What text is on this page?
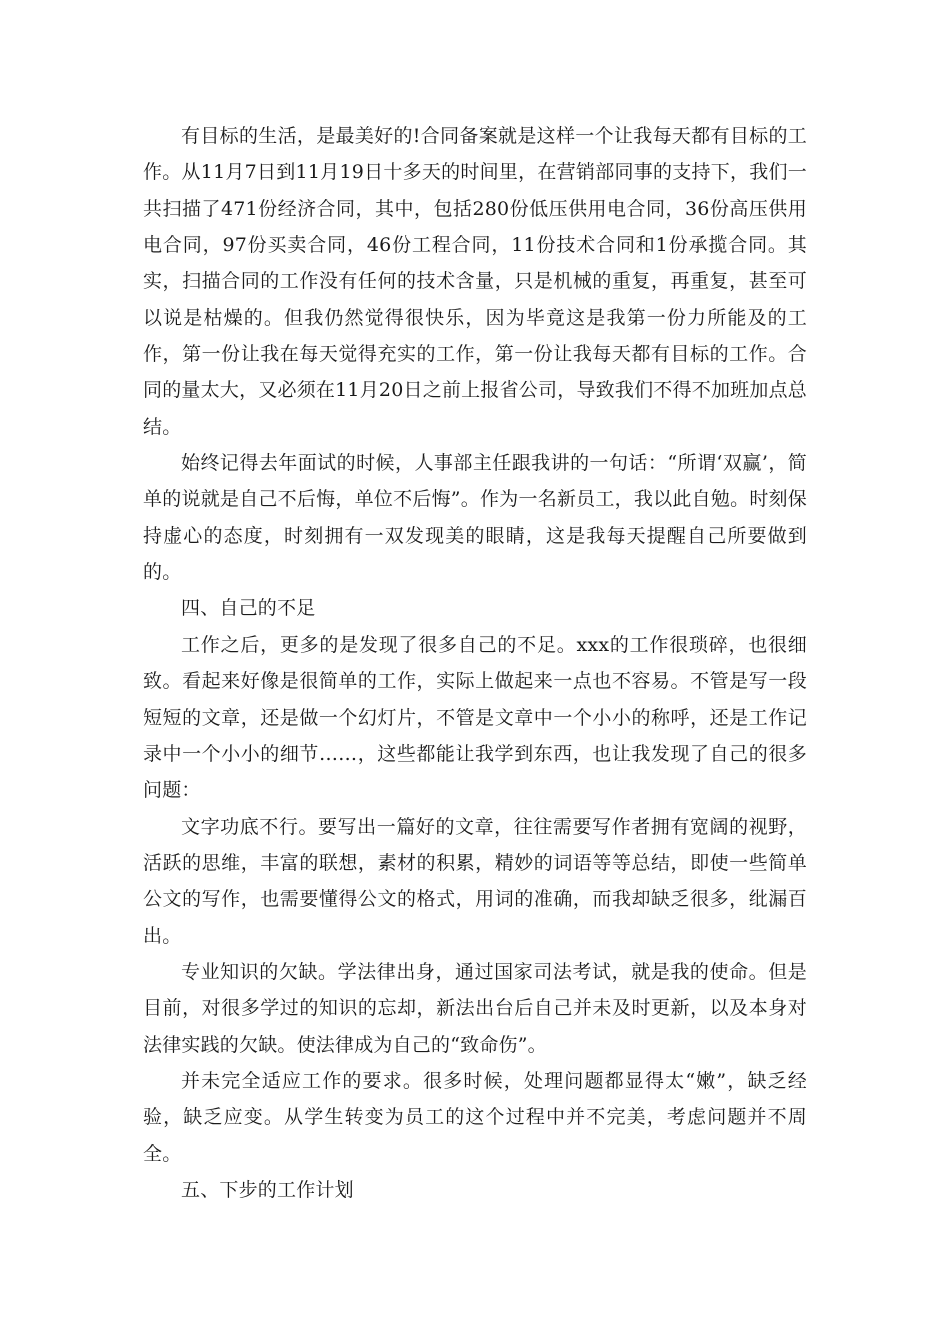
有目标的生活，是最美好的!合同备案就是这样一个让我每天都有目标的工作。从11月7日到11月19日十多天的时间里，在营销部同事的支持下，我们一共扫描了471份经济合同，其中，包括280份低压供用电合同，36份高压供用电合同，97份买卖合同，46份工程合同，11份技术合同和1份承揽合同。其实，扫描合同的工作没有任何的技术含量，只是机械的重复，再重复，甚至可以说是枯燥的。但我仍然觉得很快乐，因为毕竟这是我第一份力所能及的工作，第一份让我在每天觉得充实的工作，第一份让我每天都有目标的工作。合同的量太大，又必须在11月20日之前上报省公司，导致我们不得不加班加点总结。

始终记得去年面试的时候，人事部主任跟我讲的一句话：“所谓‘双赢’，简单的说就是自己不后悔，单位不后悔”。作为一名新员工，我以此自勉。时刻保持虚心的态度，时刻拥有一双发现美的眼睛，这是我每天提醒自己所要做到的。

四、自己的不足

工作之后，更多的是发现了很多自己的不足。xxx的工作很琐碎，也很细致。看起来好像是很简单的工作，实际上做起来一点也不容易。不管是写一段短短的文章，还是做一个幻灯片，不管是文章中一个小小的称呼，还是工作记录中一个小小的细节……，这些都能让我学到东西，也让我发现了自己的很多问题：

文字功底不行。要写出一篇好的文章，往往需要写作者拥有宽阔的视野，活跃的思维，丰富的联想，素材的积累，精妙的词语等等总结，即使一些简单公文的写作，也需要懂得公文的格式，用词的准确，而我却缺乏很多，纰漏百出。

专业知识的欠缺。学法律出身，通过国家司法考试，就是我的使命。但是目前，对很多学过的知识的忘却，新法出台后自己并未及时更新，以及本身对法律实践的欠缺。使法律成为自己的“致命伤”。

并未完全适应工作的要求。很多时候，处理问题都显得太“嫩”，缺乏经验，缺乏应变。从学生转变为员工的这个过程中并不完美，考虑问题并不周全。

五、下步的工作计划
